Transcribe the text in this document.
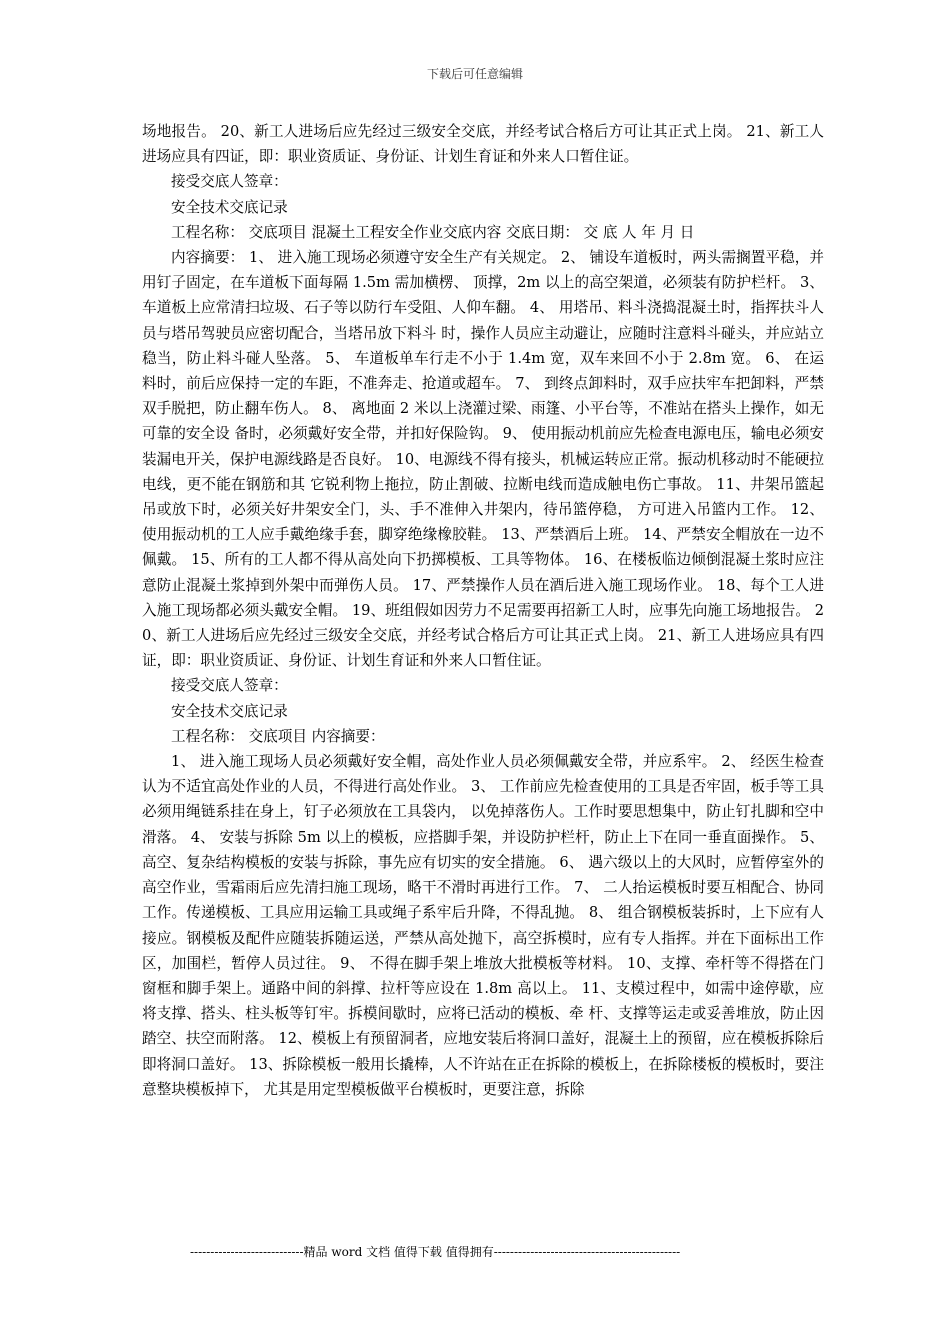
下载后可任意编辑

场地报告。 20、新工人进场后应先经过三级安全交底，并经考试合格后方可让其正式上岗。 21、新工人进场应具有四证，即：职业资质证、身份证、计划生育证和外来人口暂住证。

接受交底人签章：

安全技术交底记录

工程名称： 交底项目 混凝土工程安全作业交底内容 交底日期： 交 底 人 年 月 日

内容摘要： 1、 进入施工现场必须遵守安全生产有关规定。 2、 铺设车道板时，两头需搁置平稳，并用钉子固定，在车道板下面每隔 1.5m 需加横楞、 顶撑，2m 以上的高空架道，必须装有防护栏杆。 3、 车道板上应常清扫垃圾、石子等以防行车受阻、人仰车翻。 4、 用塔吊、料斗浇捣混凝土时，指挥扶斗人员与塔吊驾驶员应密切配合，当塔吊放下料斗 时，操作人员应主动避让，应随时注意料斗碰头，并应站立稳当，防止料斗碰人坠落。 5、 车道板单车行走不小于 1.4m 宽，双车来回不小于 2.8m 宽。 6、 在运料时，前后应保持一定的车距，不准奔走、抢道或超车。 7、 到终点卸料时，双手应扶牢车把卸料，严禁双手脱把，防止翻车伤人。 8、 离地面 2 米以上浇灌过梁、雨篷、小平台等，不准站在搭头上操作，如无可靠的安全设 备时，必须戴好安全带，并扣好保险钩。 9、 使用振动机前应先检查电源电压，输电必须安装漏电开关，保护电源线路是否良好。 10、电源线不得有接头，机械运转应正常。振动机移动时不能硬拉电线，更不能在钢筋和其 它锐利物上拖拉，防止割破、拉断电线而造成触电伤亡事故。 11、井架吊篮起吊或放下时，必须关好井架安全门，头、手不准伸入井架内，待吊篮停稳， 方可进入吊篮内工作。 12、使用振动机的工人应手戴绝缘手套，脚穿绝缘橡胶鞋。 13、严禁酒后上班。 14、严禁安全帽放在一边不佩戴。 15、所有的工人都不得从高处向下扔掷模板、工具等物体。 16、在楼板临边倾倒混凝土浆时应注意防止混凝土浆掉到外架中而弹伤人员。 17、严禁操作人员在酒后进入施工现场作业。 18、每个工人进入施工现场都必须头戴安全帽。 19、班组假如因劳力不足需要再招新工人时，应事先向施工场地报告。 20、新工人进场后应先经过三级安全交底，并经考试合格后方可让其正式上岗。 21、新工人进场应具有四证，即：职业资质证、身份证、计划生育证和外来人口暂住证。

接受交底人签章：

安全技术交底记录

工程名称： 交底项目 内容摘要：

1、 进入施工现场人员必须戴好安全帽，高处作业人员必须佩戴安全带，并应系牢。 2、 经医生检查认为不适宜高处作业的人员，不得进行高处作业。 3、 工作前应先检查使用的工具是否牢固，板手等工具必须用绳链系挂在身上，钉子必须放在工具袋内， 以免掉落伤人。工作时要思想集中，防止钉扎脚和空中滑落。 4、 安装与拆除 5m 以上的模板，应搭脚手架，并设防护栏杆，防止上下在同一垂直面操作。 5、 高空、复杂结构模板的安装与拆除，事先应有切实的安全措施。 6、 遇六级以上的大风时，应暂停室外的高空作业，雪霜雨后应先清扫施工现场，略干不滑时再进行工作。 7、 二人抬运模板时要互相配合、协同工作。传递模板、工具应用运输工具或绳子系牢后升降，不得乱抛。 8、 组合钢模板装拆时，上下应有人接应。钢模板及配件应随装拆随运送，严禁从高处抛下，高空拆模时，应有专人指挥。并在下面标出工作区，加围栏，暂停人员过往。 9、 不得在脚手架上堆放大批模板等材料。 10、支撑、牵杆等不得搭在门窗框和脚手架上。通路中间的斜撑、拉杆等应设在 1.8m 高以上。 11、支模过程中，如需中途停歇，应将支撑、搭头、柱头板等钉牢。拆模间歇时，应将已活动的模板、牵 杆、支撑等运走或妥善堆放，防止因踏空、扶空而附落。 12、模板上有预留洞者，应地安装后将洞口盖好，混凝土上的预留，应在模板拆除后即将洞口盖好。 13、拆除模板一般用长撬棒，人不许站在正在拆除的模板上，在拆除楼板的模板时，要注意整块模板掉下， 尤其是用定型模板做平台模板时，更要注意，拆除

----------------------------精品 word 文档 值得下载 值得拥有----------------------------------------------
